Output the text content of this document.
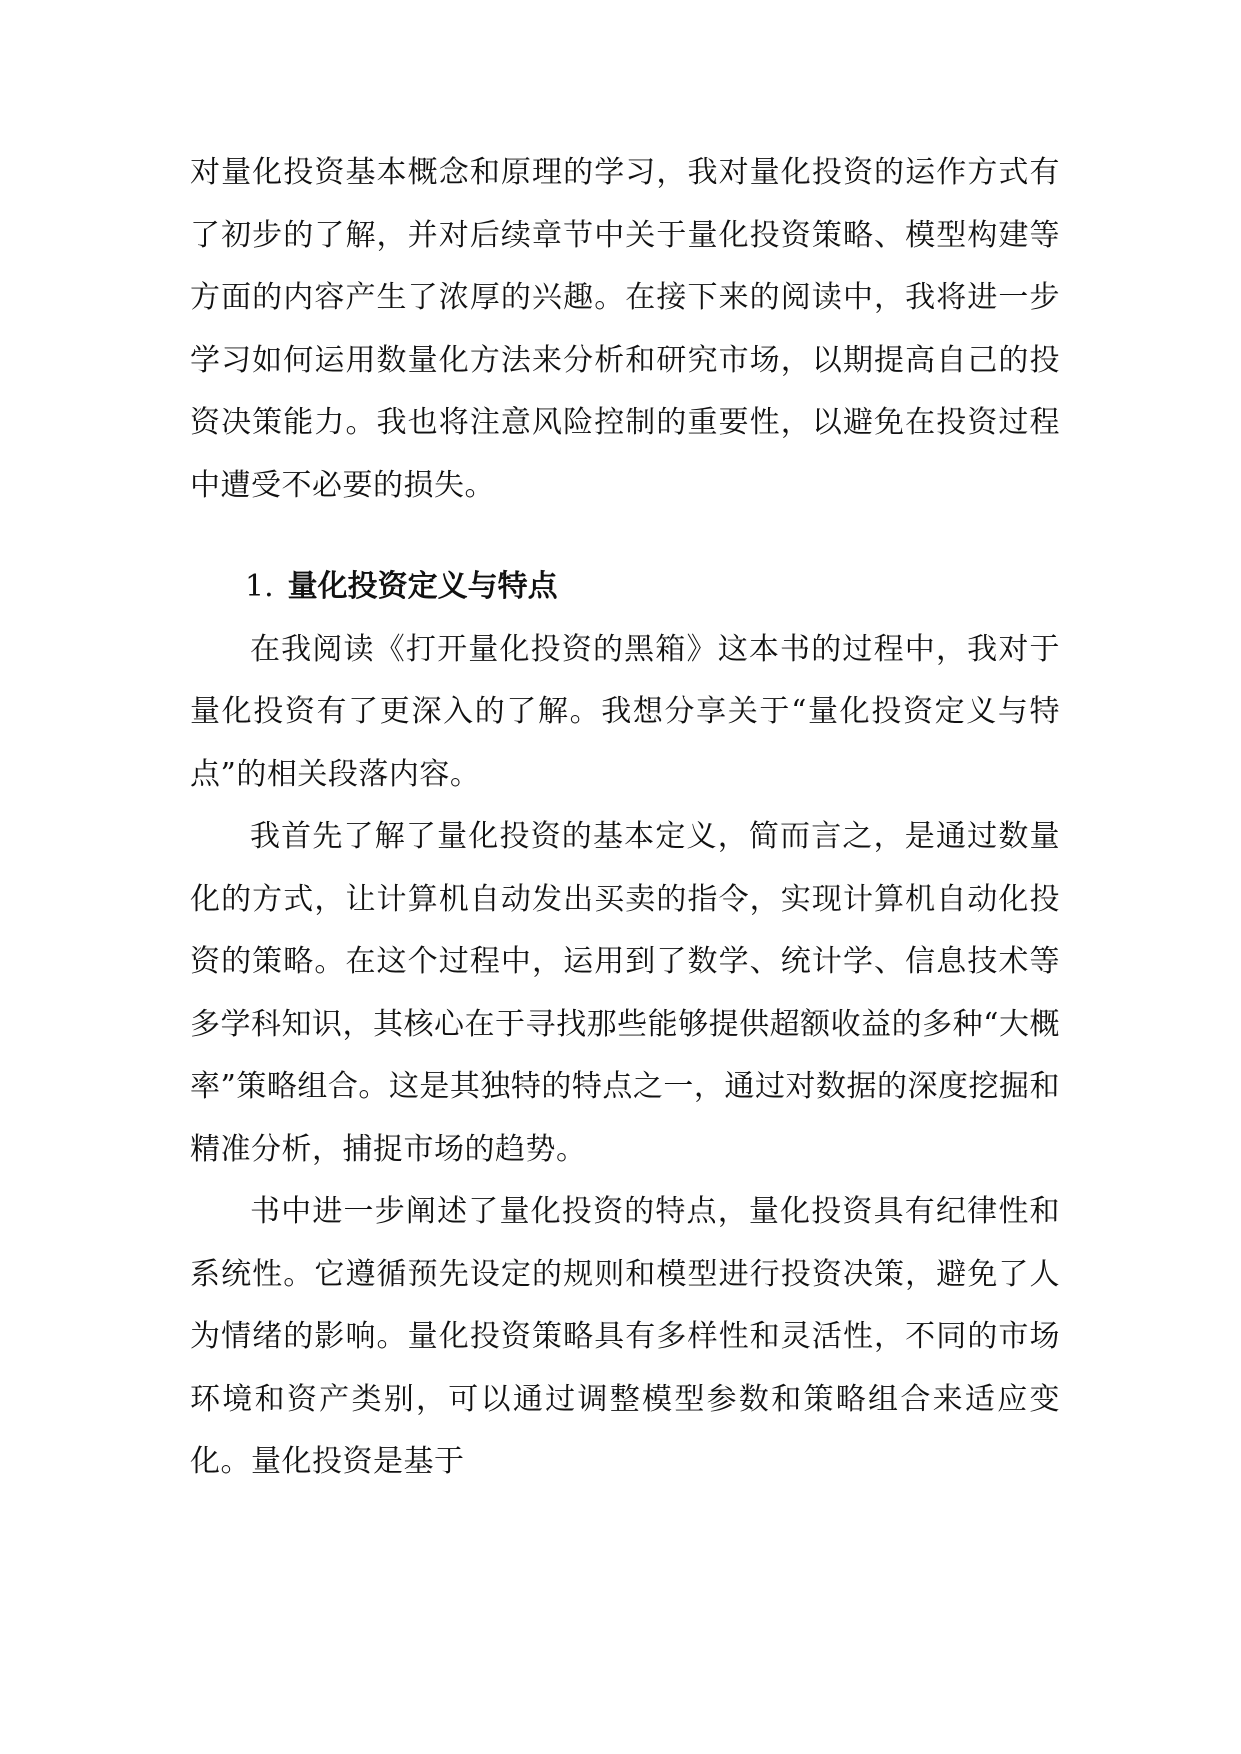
对量化投资基本概念和原理的学习，我对量化投资的运作方式有了初步的了解，并对后续章节中关于量化投资策略、模型构建等方面的内容产生了浓厚的兴趣。在接下来的阅读中，我将进一步学习如何运用数量化方法来分析和研究市场，以期提高自己的投资决策能力。我也将注意风险控制的重要性，以避免在投资过程中遭受不必要的损失。

1. 量化投资定义与特点

在我阅读《打开量化投资的黑箱》这本书的过程中，我对于量化投资有了更深入的了解。我想分享关于“量化投资定义与特点”的相关段落内容。

我首先了解了量化投资的基本定义，简而言之，是通过数量化的方式，让计算机自动发出买卖的指令，实现计算机自动化投资的策略。在这个过程中，运用到了数学、统计学、信息技术等多学科知识，其核心在于寻找那些能够提供超额收益的多种“大概率”策略组合。这是其独特的特点之一，通过对数据的深度挖掘和精准分析，捕捉市场的趋势。

书中进一步阐述了量化投资的特点，量化投资具有纪律性和系统性。它遵循预先设定的规则和模型进行投资决策，避免了人为情绪的影响。量化投资策略具有多样性和灵活性，不同的市场环境和资产类别，可以通过调整模型参数和策略组合来适应变化。量化投资是基于
